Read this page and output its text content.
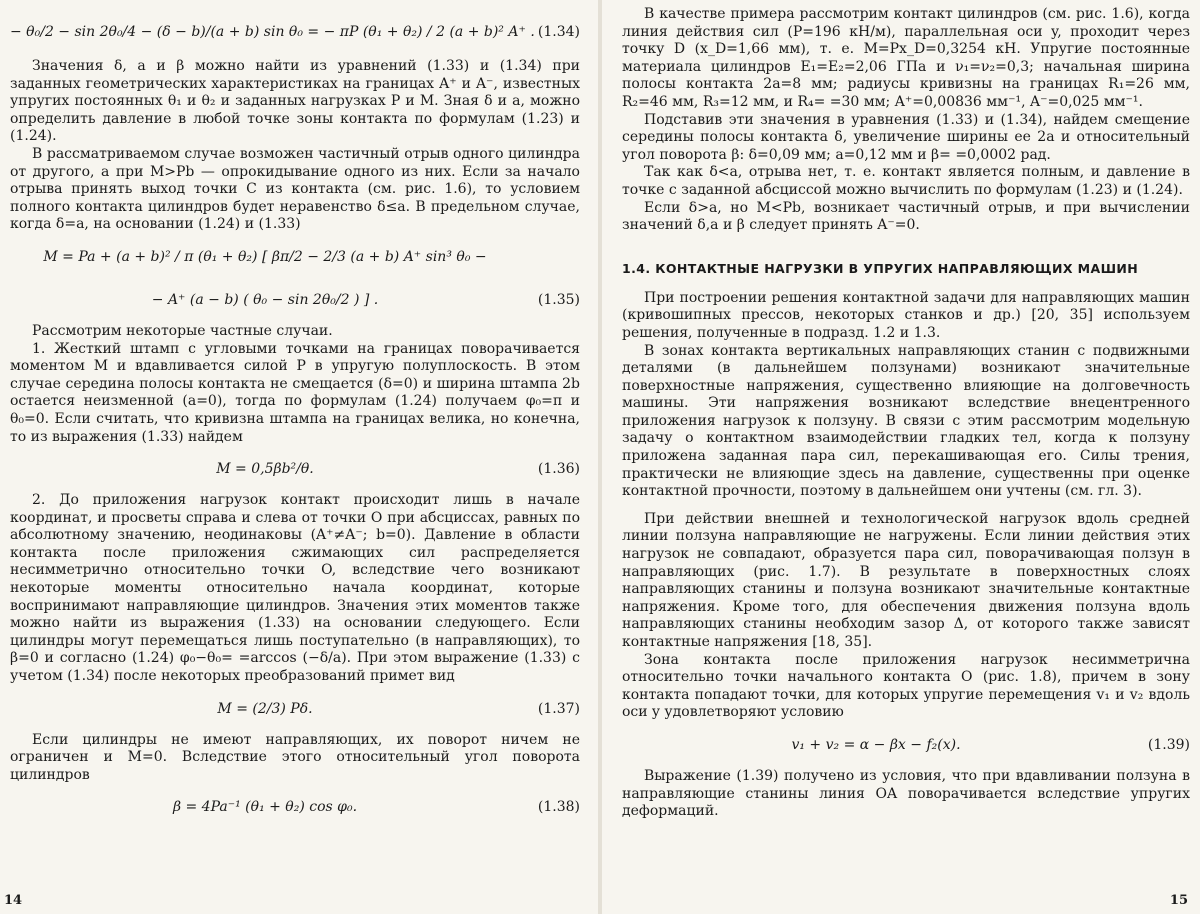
− θ₀/2 − sin 2θ₀/4 − (δ − b)/(a + b) sin θ₀ = − πP (θ₁ + θ₂) / 2 (a + b)² A⁺ . (1.34)

Значения δ, a и β можно найти из уравнений (1.33) и (1.34) при заданных геометрических характеристиках на границах A⁺ и A⁻, известных упругих постоянных θ₁ и θ₂ и заданных нагрузках P и M. Зная δ и a, можно определить давление в любой точке зоны контакта по формулам (1.23) и (1.24).

В рассматриваемом случае возможен частичный отрыв одного цилиндра от другого, а при M>Pb — опрокидывание одного из них. Если за начало отрыва принять выход точки C из контакта (см. рис. 1.6), то условием полного контакта цилиндров будет неравенство δ≤a. В предельном случае, когда δ=a, на основании (1.24) и (1.33)

M = Pa + (a + b)² / π (θ₁ + θ₂) [ βπ/2 − 2/3 (a + b) A⁺ sin³ θ₀ −
− A⁺ (a − b) ( θ₀ − sin 2θ₀/2 ) ] .	(1.35)

Рассмотрим некоторые частные случаи.

1. Жесткий штамп с угловыми точками на границах поворачивается моментом M и вдавливается силой P в упругую полуплоскость. В этом случае середина полосы контакта не смещается (δ=0) и ширина штампа 2b остается неизменной (a=0), тогда по формулам (1.24) получаем φ₀=π и θ₀=0. Если считать, что кривизна штампа на границах велика, но конечна, то из выражения (1.33) найдем

M = 0,5βb²/θ.	(1.36)

2. До приложения нагрузок контакт происходит лишь в начале координат, и просветы справа и слева от точки O при абсциссах, равных по абсолютному значению, неодинаковы (A⁺≠A⁻; b=0). Давление в области контакта после приложения сжимающих сил распределяется несимметрично относительно точки O, вследствие чего возникают некоторые моменты относительно начала координат, которые воспринимают направляющие цилиндров. Значения этих моментов также можно найти из выражения (1.33) на основании следующего. Если цилиндры могут перемещаться лишь поступательно (в направляющих), то β=0 и согласно (1.24) φ₀−θ₀= =arccos (−δ/a). При этом выражение (1.33) с учетом (1.34) после некоторых преобразований примет вид

M = (2/3) Pδ.	(1.37)

Если цилиндры не имеют направляющих, их поворот ничем не ограничен и M=0. Вследствие этого относительный угол поворота цилиндров

β = 4Pa⁻¹ (θ₁ + θ₂) cos φ₀.	(1.38)
14

В качестве примера рассмотрим контакт цилиндров (см. рис. 1.6), когда линия действия сил (P=196 кН/м), параллельная оси y, проходит через точку D (x_D=1,66 мм), т. е. M=Px_D=0,3254 кН. Упругие постоянные материала цилиндров E₁=E₂=2,06 ГПа и ν₁=ν₂=0,3; начальная ширина полосы контакта 2a=8 мм; радиусы кривизны на границах R₁=26 мм, R₂=46 мм, R₃=12 мм, и R₄= =30 мм; A⁺=0,00836 мм⁻¹, A⁻=0,025 мм⁻¹.

Подставив эти значения в уравнения (1.33) и (1.34), найдем смещение середины полосы контакта δ, увеличение ширины ее 2a и относительный угол поворота β: δ=0,09 мм; a=0,12 мм и β= =0,0002 рад.

Так как δ<a, отрыва нет, т. е. контакт является полным, и давление в точке с заданной абсциссой можно вычислить по формулам (1.23) и (1.24).

Если δ>a, но M<Pb, возникает частичный отрыв, и при вычислении значений δ,a и β следует принять A⁻=0.

1.4. КОНТАКТНЫЕ НАГРУЗКИ В УПРУГИХ НАПРАВЛЯЮЩИХ МАШИН

При построении решения контактной задачи для направляющих машин (кривошипных прессов, некоторых станков и др.) [20, 35] используем решения, полученные в подразд. 1.2 и 1.3.

В зонах контакта вертикальных направляющих станин с подвижными деталями (в дальнейшем ползунами) возникают значительные поверхностные напряжения, существенно влияющие на долговечность машины. Эти напряжения возникают вследствие внецентренного приложения нагрузок к ползуну. В связи с этим рассмотрим модельную задачу о контактном взаимодействии гладких тел, когда к ползуну приложена заданная пара сил, перекашивающая его. Силы трения, практически не влияющие здесь на давление, существенны при оценке контактной прочности, поэтому в дальнейшем они учтены (см. гл. 3).

При действии внешней и технологической нагрузок вдоль средней линии ползуна направляющие не нагружены. Если линии действия этих нагрузок не совпадают, образуется пара сил, поворачивающая ползун в направляющих (рис. 1.7). В результате в поверхностных слоях направляющих станины и ползуна возникают значительные контактные напряжения. Кроме того, для обеспечения движения ползуна вдоль направляющих станины необходим зазор Δ, от которого также зависят контактные напряжения [18, 35].

Зона контакта после приложения нагрузок несимметрична относительно точки начального контакта O (рис. 1.8), причем в зону контакта попадают точки, для которых упругие перемещения v₁ и v₂ вдоль оси y удовлетворяют условию

v₁ + v₂ = α − βx − f₂(x).	(1.39)

Выражение (1.39) получено из условия, что при вдавливании ползуна в направляющие станины линия OA поворачивается вследствие упругих деформаций.

15
